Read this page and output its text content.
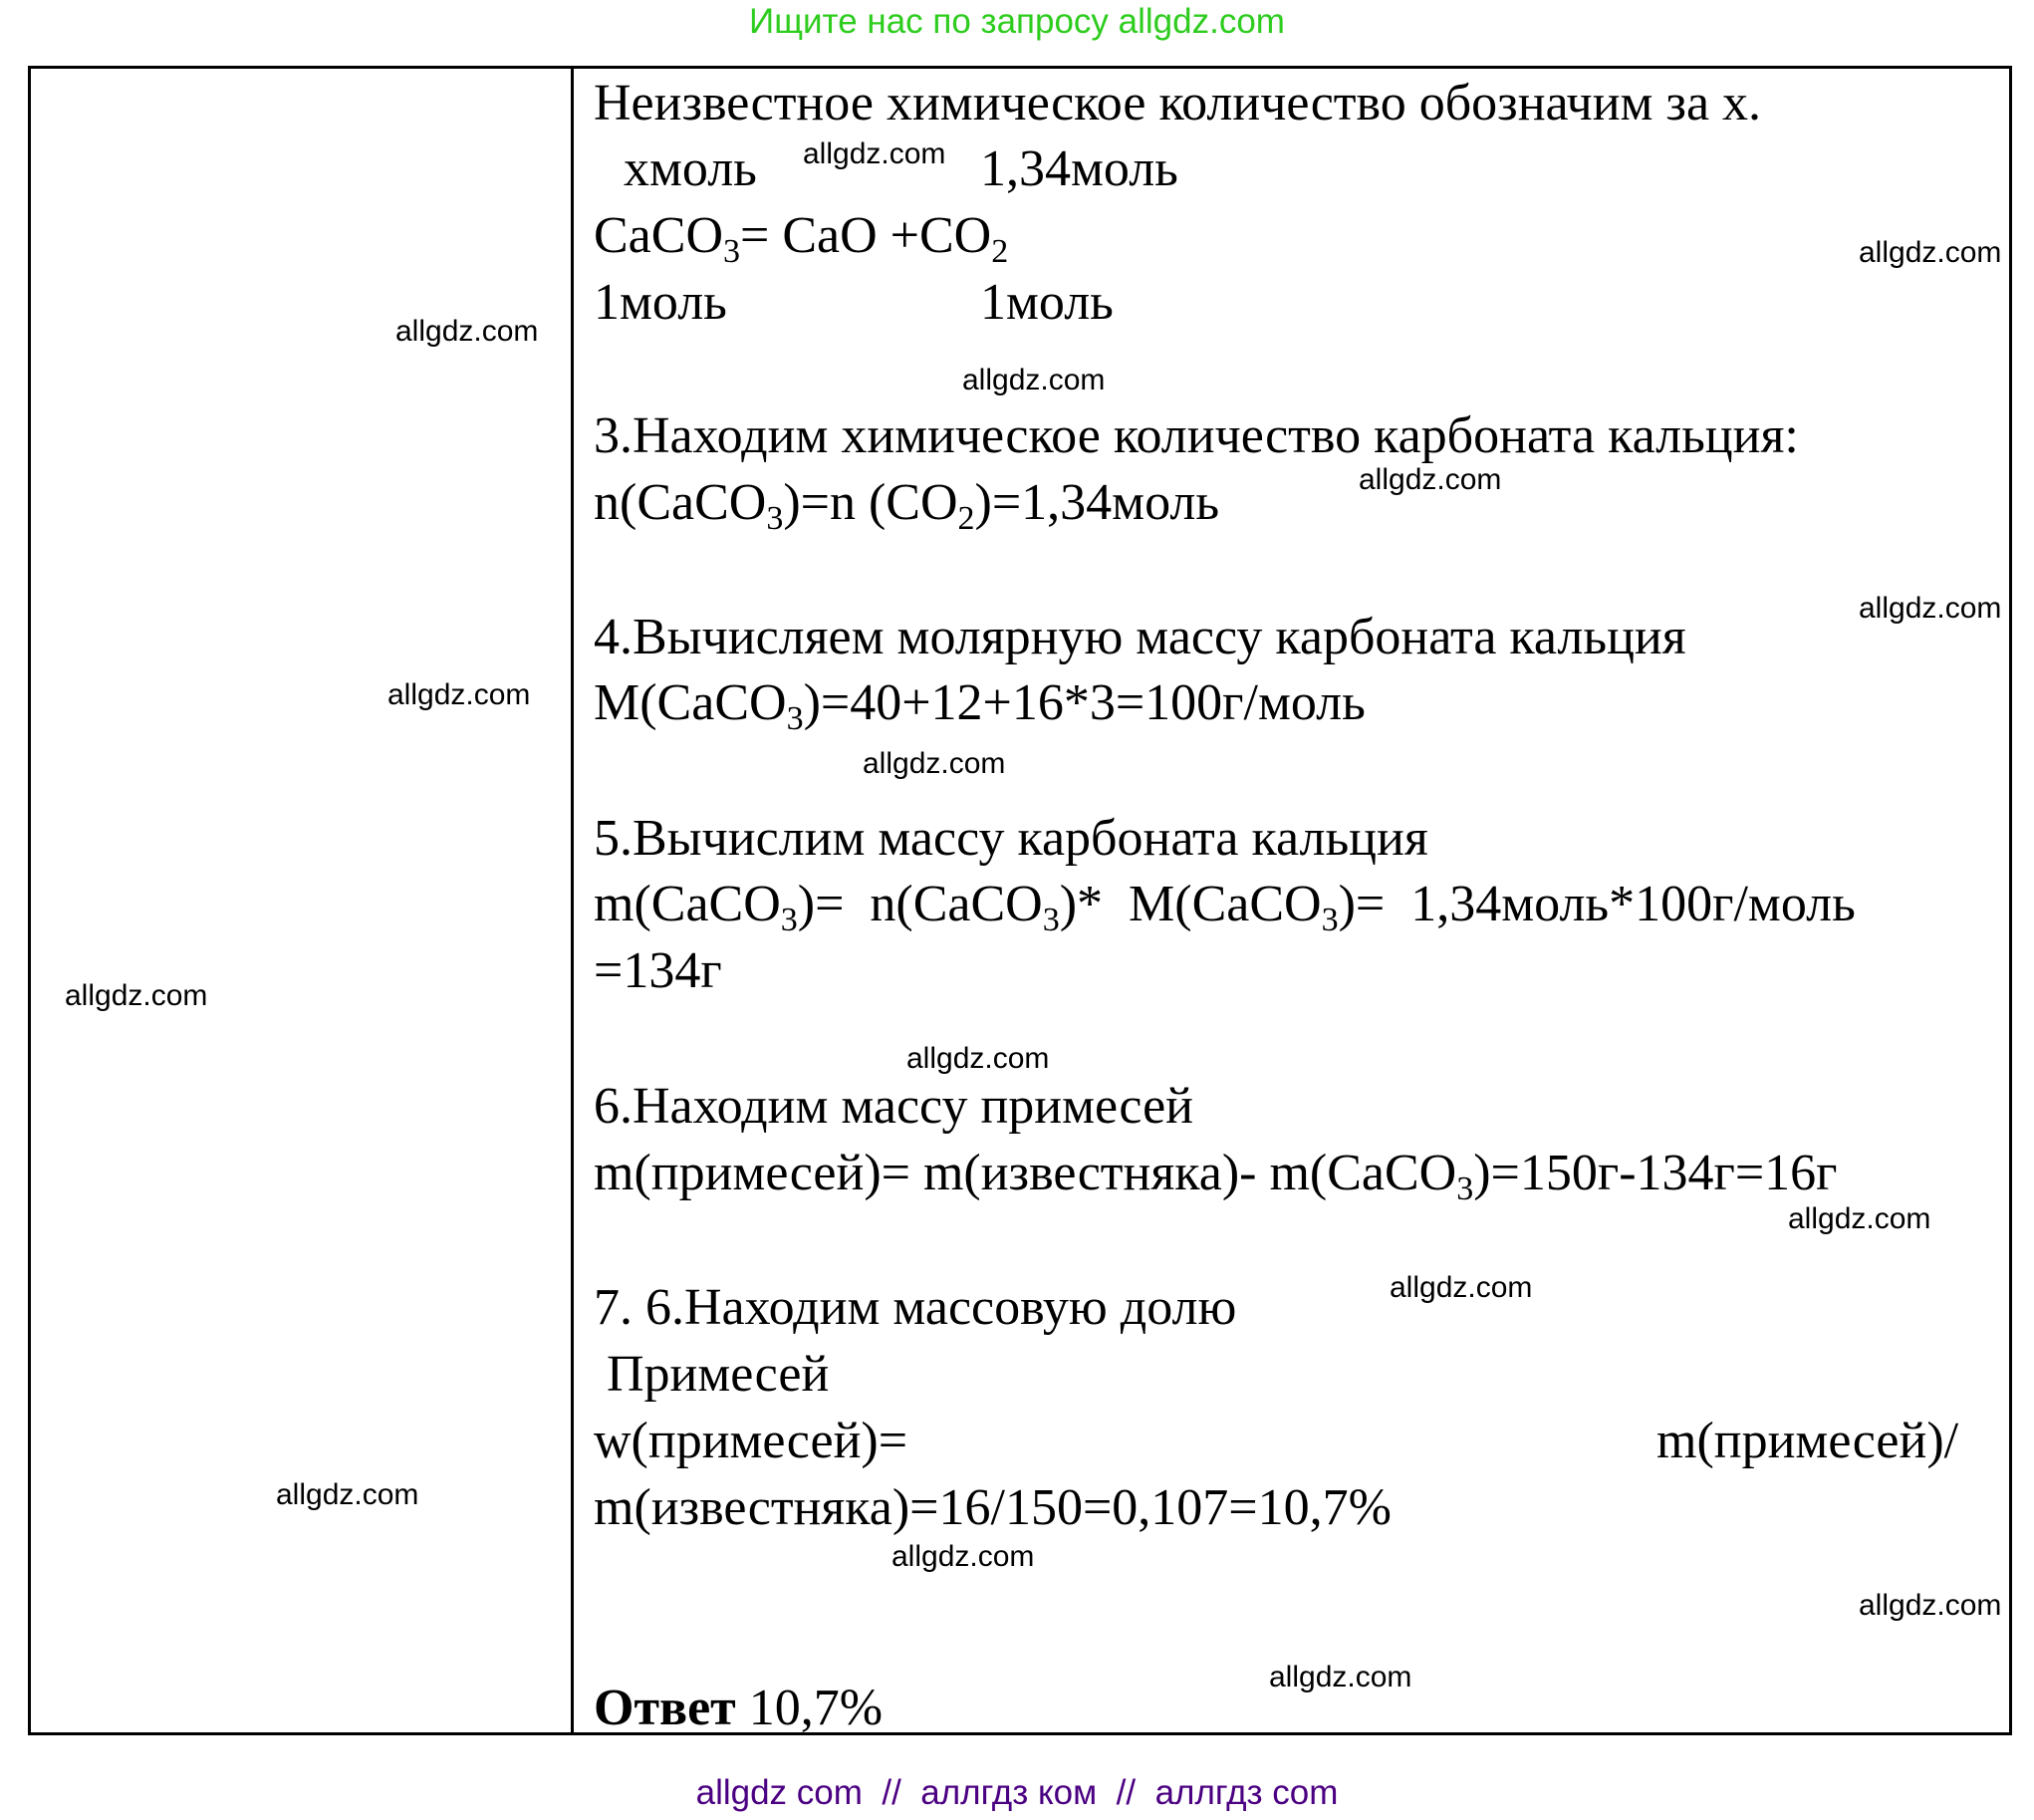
Ищите нас по запросу allgdz.com
Неизвестное химическое количество обозначим за х.
хмоль	1,34моль
CaCO$_3$= CaO $+CO_2$
1моль	1моль
3.Находим химическое количество карбоната кальция:
n(CaCO$_3$)=n $(CO_2)=1,34моль$
4.Вычисляем молярную массу карбоната кальция
M(CaCO$_3$)=40+12+16*3=100г/моль
5.Вычислим массу карбоната кальция
m(CaCO$_3$)=  n(CaCO$_3$)*  M(CaCO$_3$)=  1,34моль*100г/моль
=134г
6.Находим массу примесей
m(примесей)= m(известняка)- m(CaCO$_3$)=150г-134г=16г
7. 6.Находим массовую долю
Примесей
w(примесей)=	m(примесей)/
m(известняка)=16/150=0,107=10,7%
Ответ 10,7%
allgdz.com
allgdz.com
allgdz.com
allgdz.com
allgdz.com
allgdz.com
allgdz.com
allgdz.com
allgdz.com
allgdz.com
allgdz.com
allgdz.com
allgdz.com
allgdz.com
allgdz.com
allgdz.com
allgdz com  //  аллгдз ком  //  аллгдз com
